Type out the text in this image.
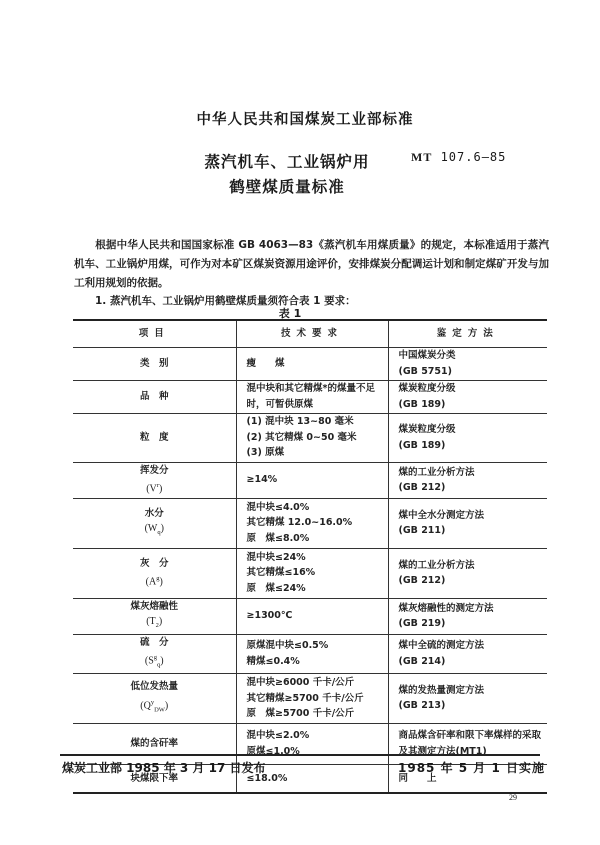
中华人民共和国煤炭工业部标准
蒸汽机车、工业锅炉用
鹤壁煤质量标准
MT 107.6—85
根据中华人民共和国国家标准 GB 4063—83《蒸汽机车用煤质量》的规定，本标准适用于蒸汽机车、工业锅炉用煤，可作为对本矿区煤炭资源用途评价，安排煤炭分配调运计划和制定煤矿开发与加工利用规划的依据。
1. 蒸汽机车、工业锅炉用鹤壁煤质量须符合表 1 要求：
表 1
项目	技术要求	鉴定方法

类　别	瘦　　煤	中国煤炭分类
(GB 5751)

品　种	混中块和其它精煤*的煤量不足
时，可暂供原煤	煤炭粒度分级
(GB 189)

粒　度	(1) 混中块 13~80 毫米
(2) 其它精煤 0~50 毫米
(3) 原煤	煤炭粒度分级
(GB 189)

挥发分
$(V^r)$	≥14%	煤的工业分析方法
(GB 212)

水分
$(W_q)$	混中块≤4.0%
其它精煤 12.0~16.0%
原　煤≤8.0%	煤中全水分测定方法
(GB 211)

灰　分
$(A^g)$	混中块≤24%
其它精煤≤16%
原　煤≤24%	煤的工业分析方法
(GB 212)

煤灰熔融性
$(T_2)$	≥1300℃	煤灰熔融性的测定方法
(GB 219)

硫　分
$(S^g_q)$	原煤混中块≤0.5%
精煤≤0.4%	煤中全硫的测定方法
(GB 214)

低位发热量
$(Q^y_{DW})$	混中块≥6000 千卡/公斤
其它精煤≥5700 千卡/公斤
原　煤≥5700 千卡/公斤	煤的发热量测定方法
(GB 213)

煤的含矸率	混中块≤2.0%
原煤≤1.0%	商品煤含矸率和限下率煤样的采取
及其测定方法(MT1)

块煤限下率	≤18.0%	同　　上
煤炭工业部 1985 年 3 月 17 日发布	1985 年 5 月 1 日实施
29
